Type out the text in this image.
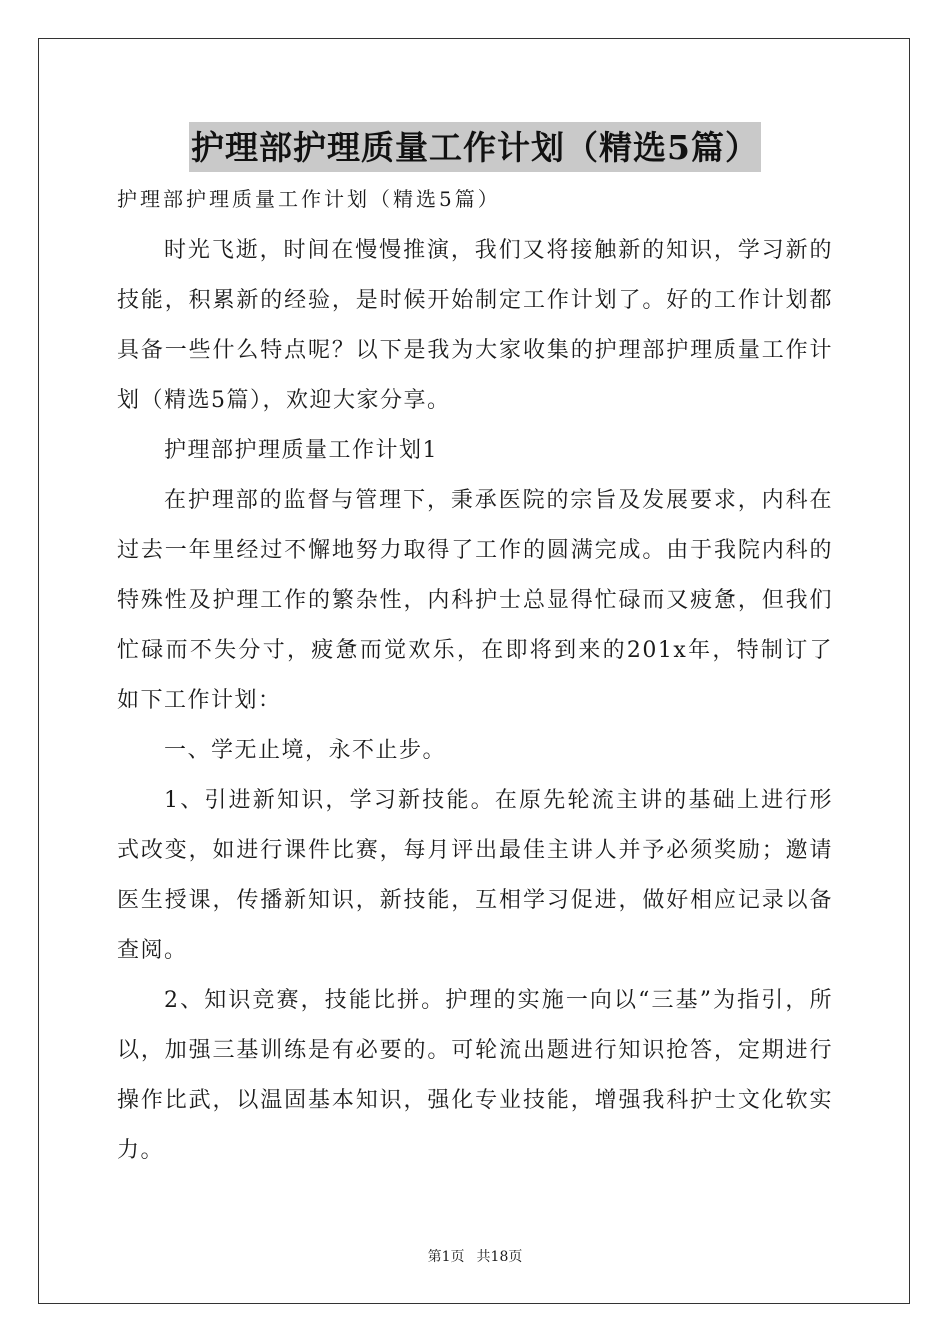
护理部护理质量工作计划（精选5篇）
护理部护理质量工作计划（精选5篇）

时光飞逝，时间在慢慢推演，我们又将接触新的知识，学习新的技能，积累新的经验，是时候开始制定工作计划了。好的工作计划都具备一些什么特点呢？以下是我为大家收集的护理部护理质量工作计划（精选5篇），欢迎大家分享。

护理部护理质量工作计划1

在护理部的监督与管理下，秉承医院的宗旨及发展要求，内科在过去一年里经过不懈地努力取得了工作的圆满完成。由于我院内科的特殊性及护理工作的繁杂性，内科护士总显得忙碌而又疲惫，但我们忙碌而不失分寸，疲惫而觉欢乐，在即将到来的201x年，特制订了如下工作计划：

一、学无止境，永不止步。

1、引进新知识，学习新技能。在原先轮流主讲的基础上进行形式改变，如进行课件比赛，每月评出最佳主讲人并予必须奖励；邀请医生授课，传播新知识，新技能，互相学习促进，做好相应记录以备查阅。

2、知识竞赛，技能比拼。护理的实施一向以“三基”为指引，所以，加强三基训练是有必要的。可轮流出题进行知识抢答，定期进行操作比武，以温固基本知识，强化专业技能，增强我科护士文化软实力。

第1页 共18页
